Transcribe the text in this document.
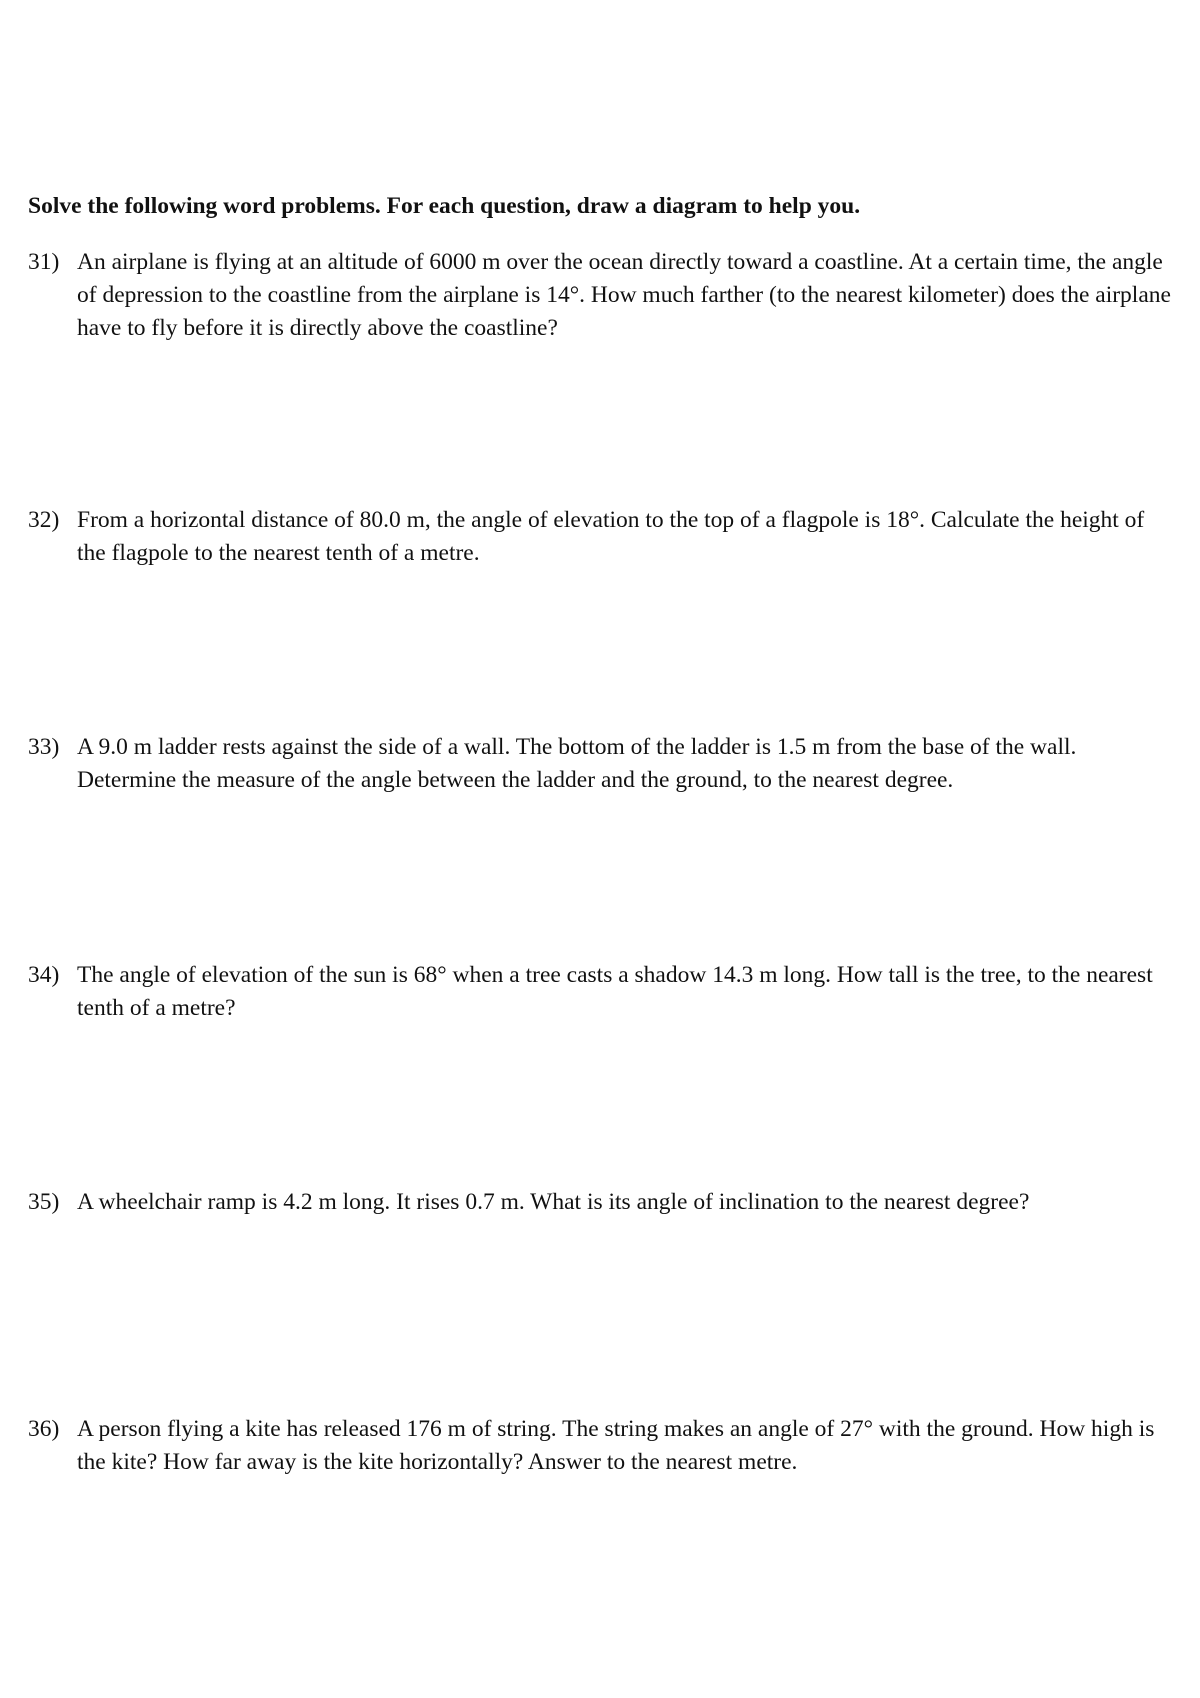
Solve the following word problems. For each question, draw a diagram to help you.

31) An airplane is flying at an altitude of 6000 m over the ocean directly toward a coastline. At a certain time, the angle of depression to the coastline from the airplane is 14°. How much farther (to the nearest kilometer) does the airplane have to fly before it is directly above the coastline?
32) From a horizontal distance of 80.0 m, the angle of elevation to the top of a flagpole is 18°. Calculate the height of the flagpole to the nearest tenth of a metre.
33) A 9.0 m ladder rests against the side of a wall. The bottom of the ladder is 1.5 m from the base of the wall. Determine the measure of the angle between the ladder and the ground, to the nearest degree.
34) The angle of elevation of the sun is 68° when a tree casts a shadow 14.3 m long. How tall is the tree, to the nearest tenth of a metre?
35) A wheelchair ramp is 4.2 m long. It rises 0.7 m. What is its angle of inclination to the nearest degree?
36) A person flying a kite has released 176 m of string. The string makes an angle of 27° with the ground. How high is the kite? How far away is the kite horizontally? Answer to the nearest metre.
